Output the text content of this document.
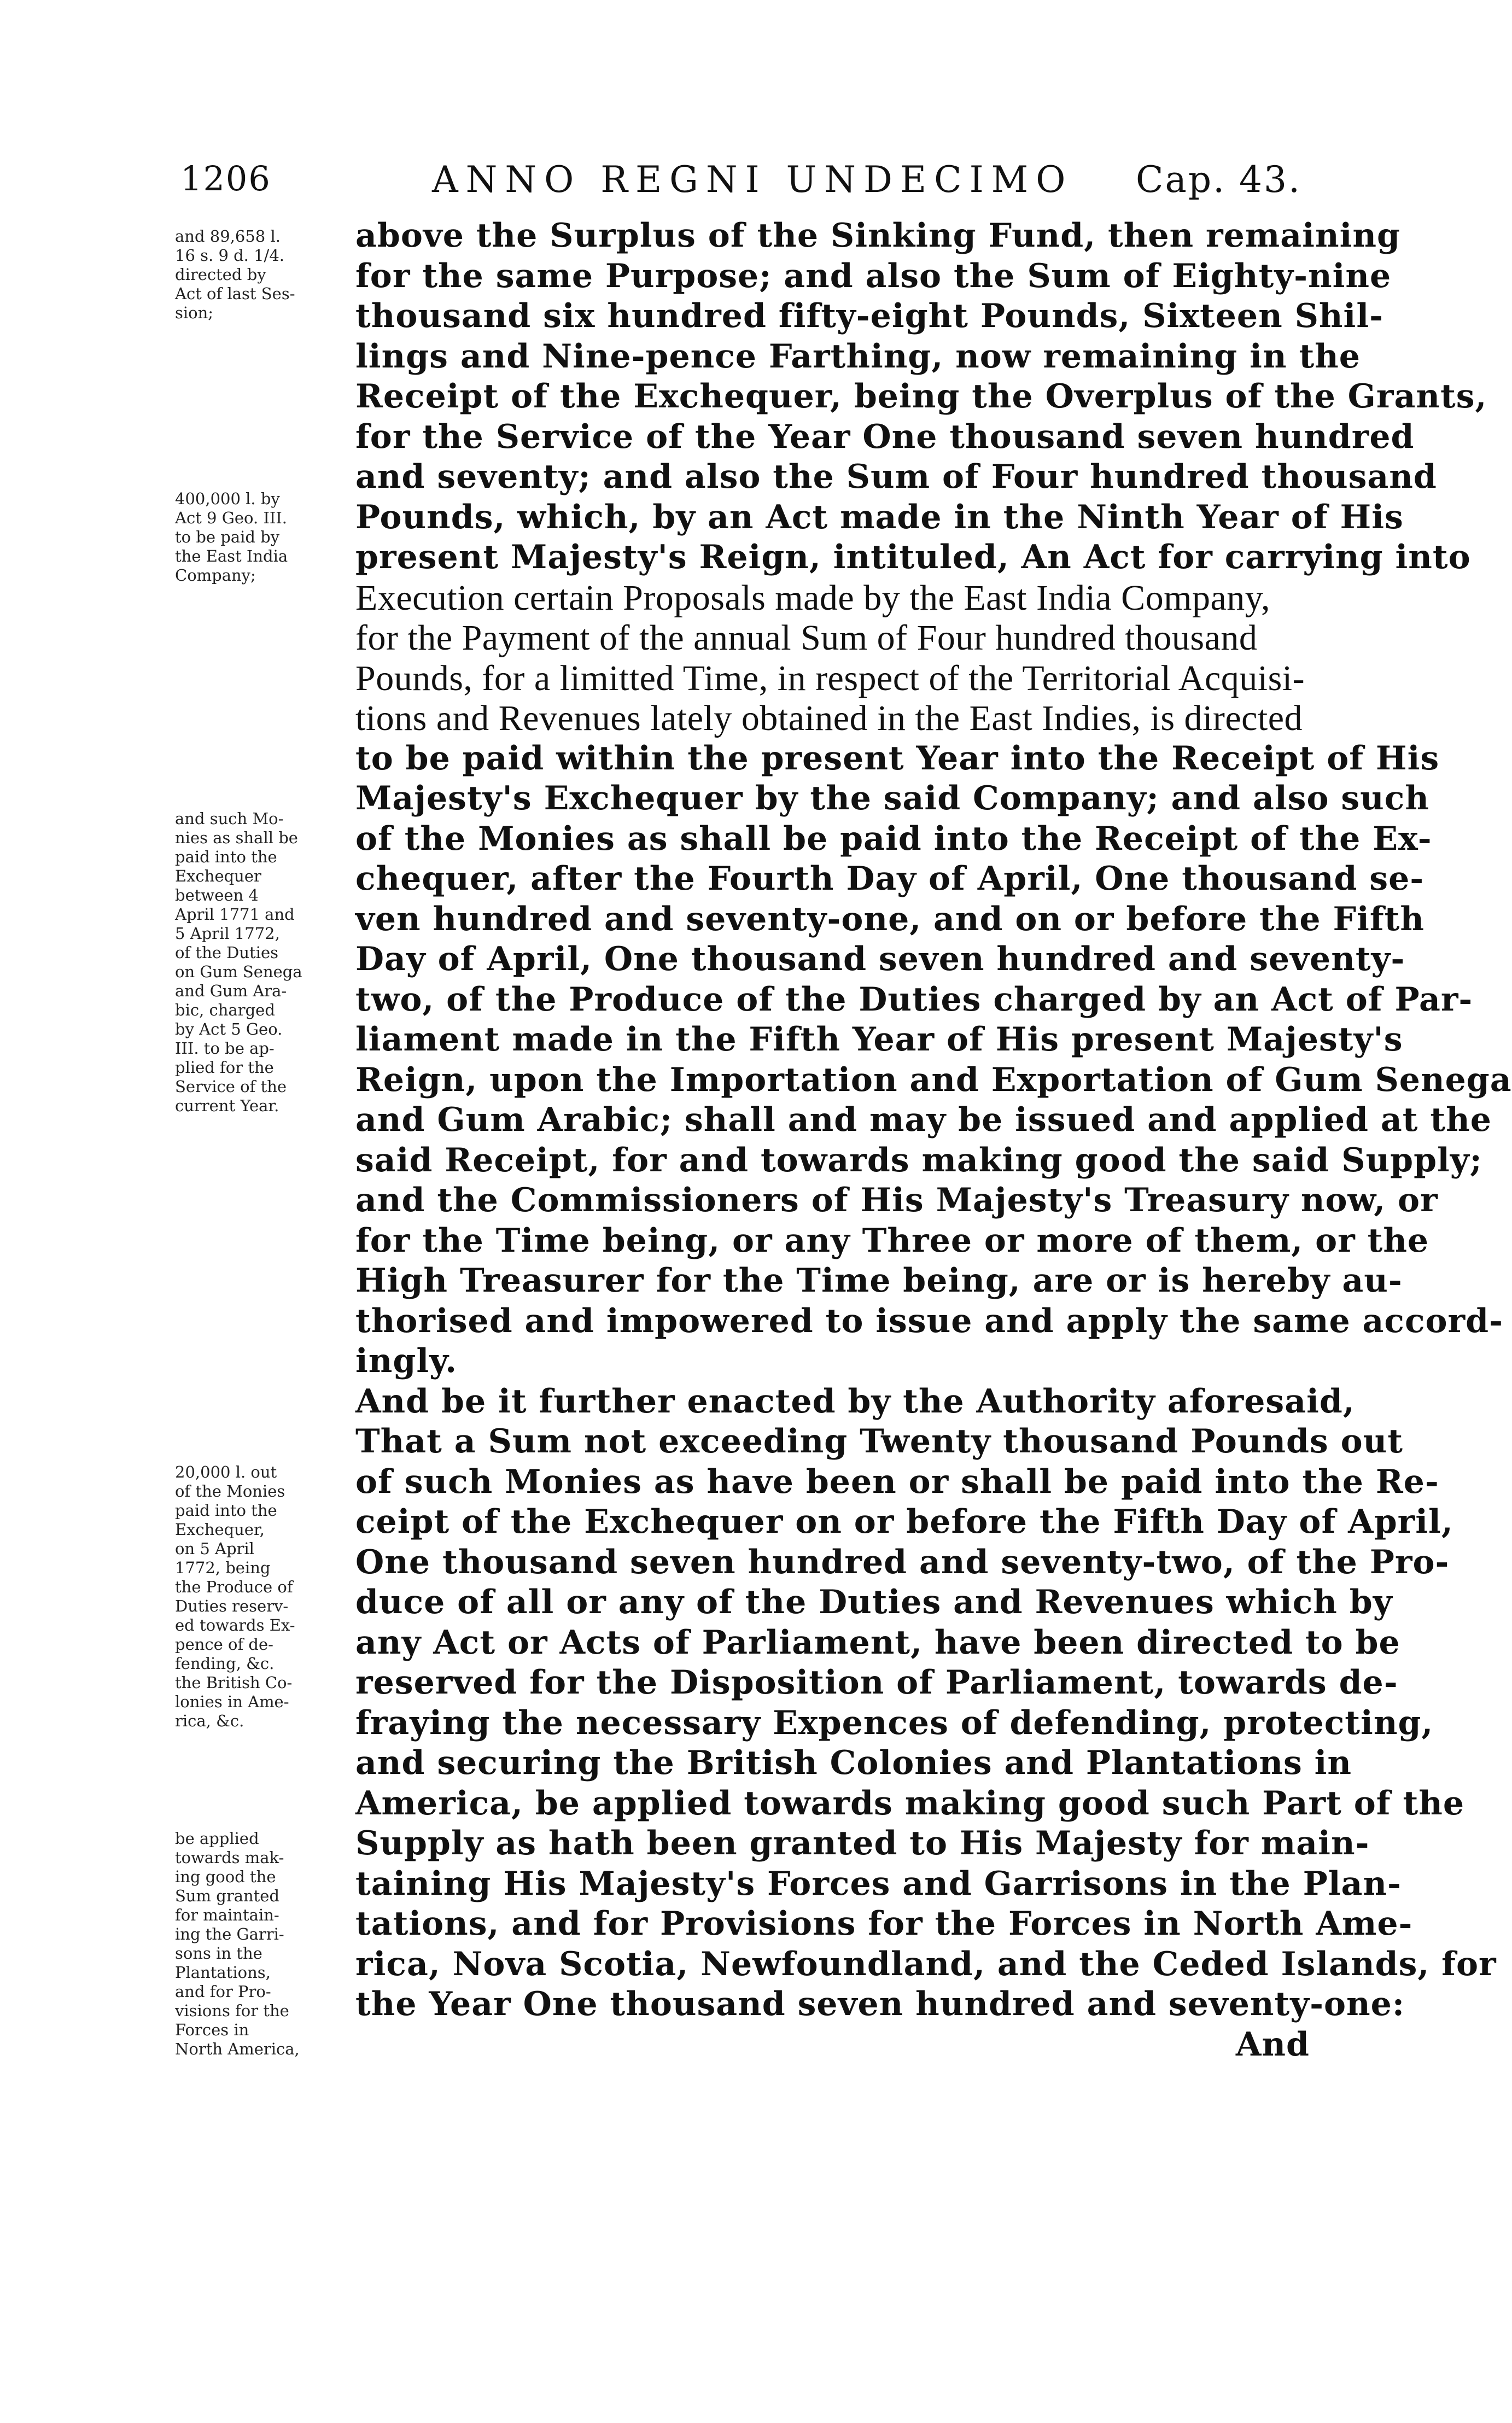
1206	ANNO REGNI UNDECIMO Cap. 43.
and 89,658 l.
16 s. 9 d. 1/4.
directed by
Act of last Ses-
sion;
400,000 l. by
Act 9 Geo. III.
to be paid by
the East India
Company;
and such Mo-
nies as shall be
paid into the
Exchequer
between 4
April 1771 and
5 April 1772,
of the Duties
on Gum Senega
and Gum Ara-
bic, charged
by Act 5 Geo.
III. to be ap-
plied for the
Service of the
current Year.
20,000 l. out
of the Monies
paid into the
Exchequer,
on 5 April
1772, being
the Produce of
Duties reserv-
ed towards Ex-
pence of de-
fending, &c.
the British Co-
lonies in Ame-
rica, &c.
be applied
towards mak-
ing good the
Sum granted
for maintain-
ing the Garri-
sons in the
Plantations,
and for Pro-
visions for the
Forces in
North America,
above the Surplus of the Sinking Fund, then remaining
for the same Purpose; and also the Sum of Eighty-nine
thousand six hundred fifty-eight Pounds, Sixteen Shil-
lings and Nine-pence Farthing, now remaining in the
Receipt of the Exchequer, being the Overplus of the Grants,
for the Service of the Year One thousand seven hundred
and seventy; and also the Sum of Four hundred thousand
Pounds, which, by an Act made in the Ninth Year of His
present Majesty's Reign, intituled, An Act for carrying into
Execution certain Proposals made by the East India Company,
for the Payment of the annual Sum of Four hundred thousand
Pounds, for a limitted Time, in respect of the Territorial Acquisi-
tions and Revenues lately obtained in the East Indies, is directed
to be paid within the present Year into the Receipt of His
Majesty's Exchequer by the said Company; and also such
of the Monies as shall be paid into the Receipt of the Ex-
chequer, after the Fourth Day of April, One thousand se-
ven hundred and seventy-one, and on or before the Fifth
Day of April, One thousand seven hundred and seventy-
two, of the Produce of the Duties charged by an Act of Par-
liament made in the Fifth Year of His present Majesty's
Reign, upon the Importation and Exportation of Gum Senega
and Gum Arabic; shall and may be issued and applied at the
said Receipt, for and towards making good the said Supply;
and the Commissioners of His Majesty's Treasury now, or
for the Time being, or any Three or more of them, or the
High Treasurer for the Time being, are or is hereby au-
thorised and impowered to issue and apply the same accord-
ingly.
And be it further enacted by the Authority aforesaid,
That a Sum not exceeding Twenty thousand Pounds out
of such Monies as have been or shall be paid into the Re-
ceipt of the Exchequer on or before the Fifth Day of April,
One thousand seven hundred and seventy-two, of the Pro-
duce of all or any of the Duties and Revenues which by
any Act or Acts of Parliament, have been directed to be
reserved for the Disposition of Parliament, towards de-
fraying the necessary Expences of defending, protecting,
and securing the British Colonies and Plantations in
America, be applied towards making good such Part of the
Supply as hath been granted to His Majesty for main-
taining His Majesty's Forces and Garrisons in the Plan-
tations, and for Provisions for the Forces in North Ame-
rica, Nova Scotia, Newfoundland, and the Ceded Islands, for
the Year One thousand seven hundred and seventy-one:
And
